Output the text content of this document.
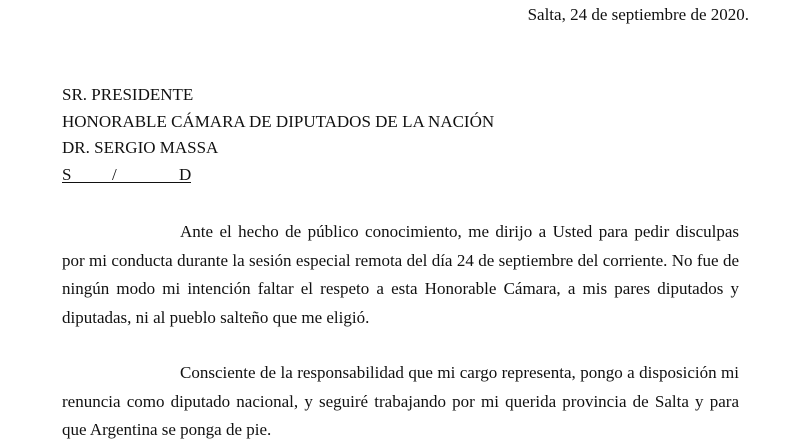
Salta, 24 de septiembre de 2020.
SR. PRESIDENTE
HONORABLE CÁMARA DE DIPUTADOS DE LA NACIÓN
DR. SERGIO MASSA
S /	D

Ante el hecho de público conocimiento, me dirijo a Usted para pedir disculpas por mi conducta durante la sesión especial remota del día 24 de septiembre del corriente. No fue de ningún modo mi intención faltar el respeto a esta Honorable Cámara, a mis pares diputados y diputadas, ni al pueblo salteño que me eligió.

Consciente de la responsabilidad que mi cargo representa, pongo a disposición mi renuncia como diputado nacional, y seguiré trabajando por mi querida provincia de Salta y para que Argentina se ponga de pie.
